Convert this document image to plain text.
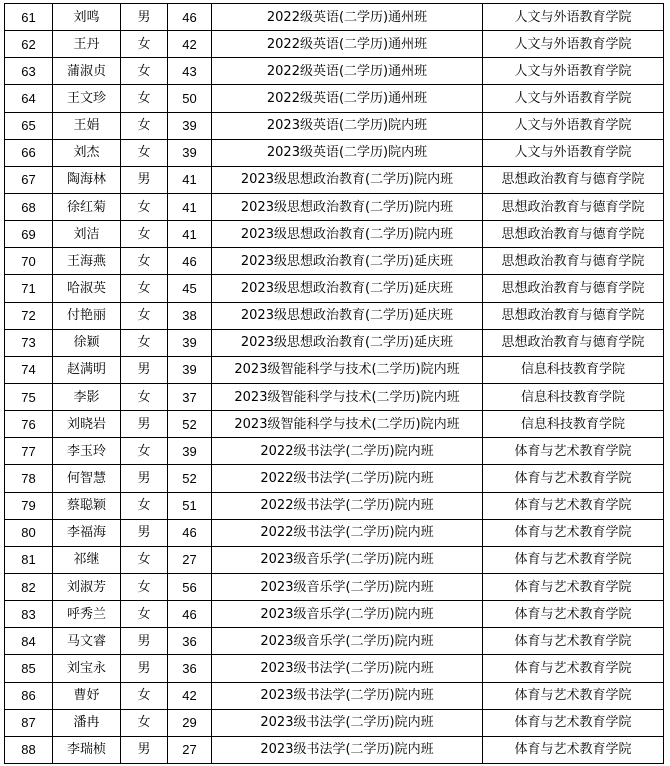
61	刘鸣	男	46	2022级英语(二学历)通州班	人文与外语教育学院
62	王丹	女	42	2022级英语(二学历)通州班	人文与外语教育学院
63	蒲淑贞	女	43	2022级英语(二学历)通州班	人文与外语教育学院
64	王文珍	女	50	2022级英语(二学历)通州班	人文与外语教育学院
65	王娟	女	39	2023级英语(二学历)院内班	人文与外语教育学院
66	刘杰	女	39	2023级英语(二学历)院内班	人文与外语教育学院
67	陶海林	男	41	2023级思想政治教育(二学历)院内班	思想政治教育与德育学院
68	徐红菊	女	41	2023级思想政治教育(二学历)院内班	思想政治教育与德育学院
69	刘洁	女	41	2023级思想政治教育(二学历)院内班	思想政治教育与德育学院
70	王海燕	女	46	2023级思想政治教育(二学历)延庆班	思想政治教育与德育学院
71	哈淑英	女	45	2023级思想政治教育(二学历)延庆班	思想政治教育与德育学院
72	付艳丽	女	38	2023级思想政治教育(二学历)延庆班	思想政治教育与德育学院
73	徐颖	女	39	2023级思想政治教育(二学历)延庆班	思想政治教育与德育学院
74	赵满明	男	39	2023级智能科学与技术(二学历)院内班	信息科技教育学院
75	李影	女	37	2023级智能科学与技术(二学历)院内班	信息科技教育学院
76	刘晓岩	男	52	2023级智能科学与技术(二学历)院内班	信息科技教育学院
77	李玉玲	女	39	2022级书法学(二学历)院内班	体育与艺术教育学院
78	何智慧	男	52	2022级书法学(二学历)院内班	体育与艺术教育学院
79	蔡聪颖	女	51	2022级书法学(二学历)院内班	体育与艺术教育学院
80	李福海	男	46	2022级书法学(二学历)院内班	体育与艺术教育学院
81	祁继	女	27	2023级音乐学(二学历)院内班	体育与艺术教育学院
82	刘淑芳	女	56	2023级音乐学(二学历)院内班	体育与艺术教育学院
83	呼秀兰	女	46	2023级音乐学(二学历)院内班	体育与艺术教育学院
84	马文睿	男	36	2023级音乐学(二学历)院内班	体育与艺术教育学院
85	刘宝永	男	36	2023级书法学(二学历)院内班	体育与艺术教育学院
86	曹妤	女	42	2023级书法学(二学历)院内班	体育与艺术教育学院
87	潘冉	女	29	2023级书法学(二学历)院内班	体育与艺术教育学院
88	李瑞桢	男	27	2023级书法学(二学历)院内班	体育与艺术教育学院
